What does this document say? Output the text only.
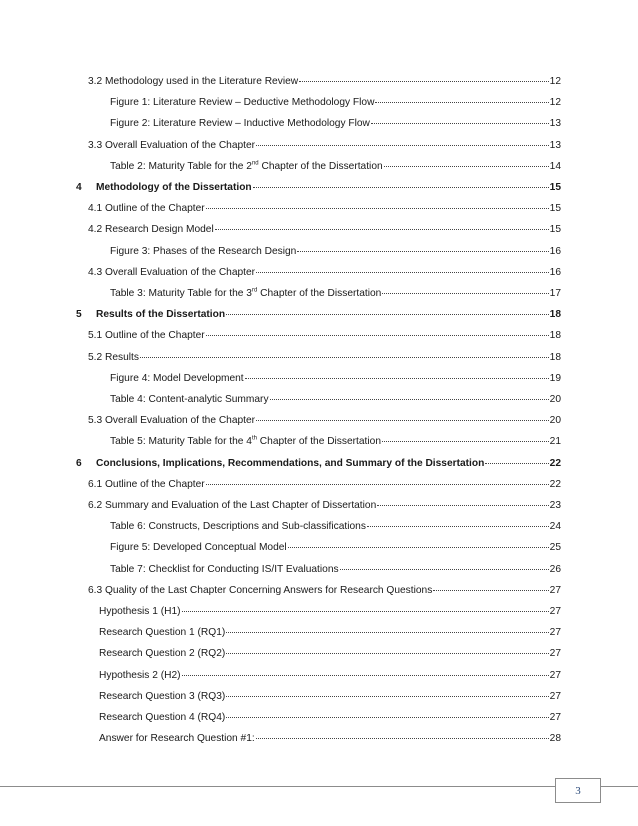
3.2 Methodology used in the Literature Review	12
Figure 1: Literature Review – Deductive Methodology Flow	12
Figure 2: Literature Review – Inductive Methodology Flow	13
3.3 Overall Evaluation of the Chapter	13
Table 2: Maturity Table for the 2nd Chapter of the Dissertation	14
4	Methodology of the Dissertation	15
4.1 Outline of the Chapter	15
4.2 Research Design Model	15
Figure 3: Phases of the Research Design	16
4.3 Overall Evaluation of the Chapter	16
Table 3: Maturity Table for the 3rd Chapter of the Dissertation	17
5	Results of the Dissertation	18
5.1 Outline of the Chapter	18
5.2 Results	18
Figure 4: Model Development	19
Table 4: Content-analytic Summary	20
5.3 Overall Evaluation of the Chapter	20
Table 5: Maturity Table for the 4th Chapter of the Dissertation	21
6	Conclusions, Implications, Recommendations, and Summary of the Dissertation	22
6.1 Outline of the Chapter	22
6.2 Summary and Evaluation of the Last Chapter of Dissertation	23
Table 6: Constructs, Descriptions and Sub-classifications	24
Figure 5: Developed Conceptual Model	25
Table 7: Checklist for Conducting IS/IT Evaluations	26
6.3 Quality of the Last Chapter Concerning Answers for Research Questions	27
Hypothesis 1 (H1)	27
Research Question 1 (RQ1)	27
Research Question 2 (RQ2)	27
Hypothesis 2 (H2)	27
Research Question 3 (RQ3)	27
Research Question 4 (RQ4)	27
Answer for Research Question #1:	28
3
